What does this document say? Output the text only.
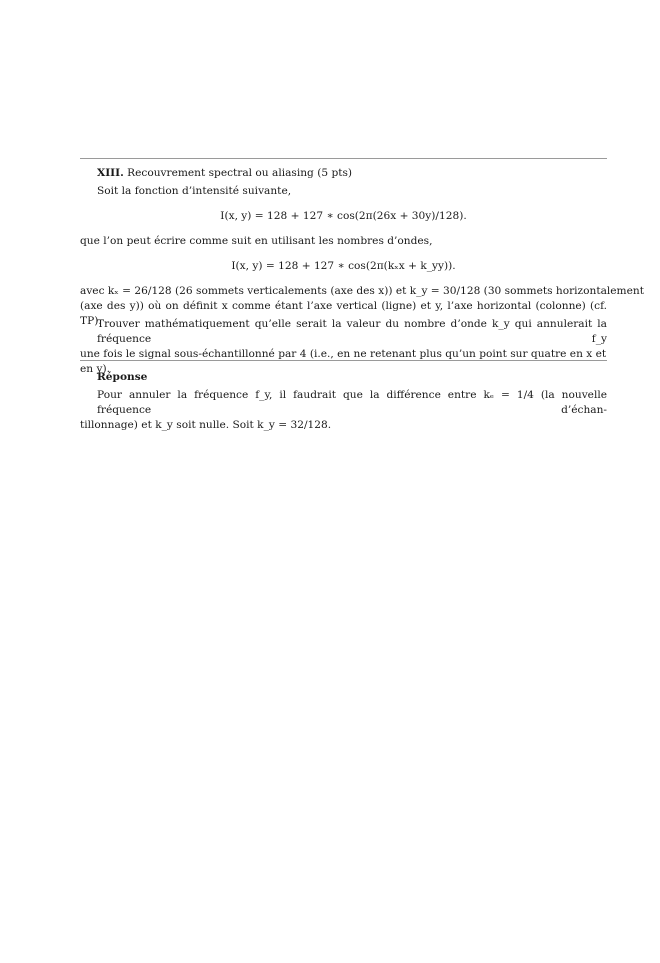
XIII. Recouvrement spectral ou aliasing (5 pts)
Soit la fonction d’intensité suivante,
I(x, y) = 128 + 127 ∗ cos(2π(26x + 30y)/128).
que l’on peut écrire comme suit en utilisant les nombres d’ondes,
I(x, y) = 128 + 127 ∗ cos(2π(kₓx + k_yy)).
avec kₓ = 26/128 (26 sommets verticalements (axe des x)) et k_y = 30/128 (30 sommets horizontalement
(axe des y)) où on définit x comme étant l’axe vertical (ligne) et y, l’axe horizontal (colonne) (cf. TP).
Trouver mathématiquement qu’elle serait la valeur du nombre d’onde k_y qui annulerait la fréquence f_y
une fois le signal sous-échantillonné par 4 (i.e., en ne retenant plus qu’un point sur quatre en x et en y).
Réponse
Pour annuler la fréquence f_y, il faudrait que la différence entre kₑ = 1/4 (la nouvelle fréquence d’échan-
tillonnage) et k_y soit nulle. Soit k_y = 32/128.
